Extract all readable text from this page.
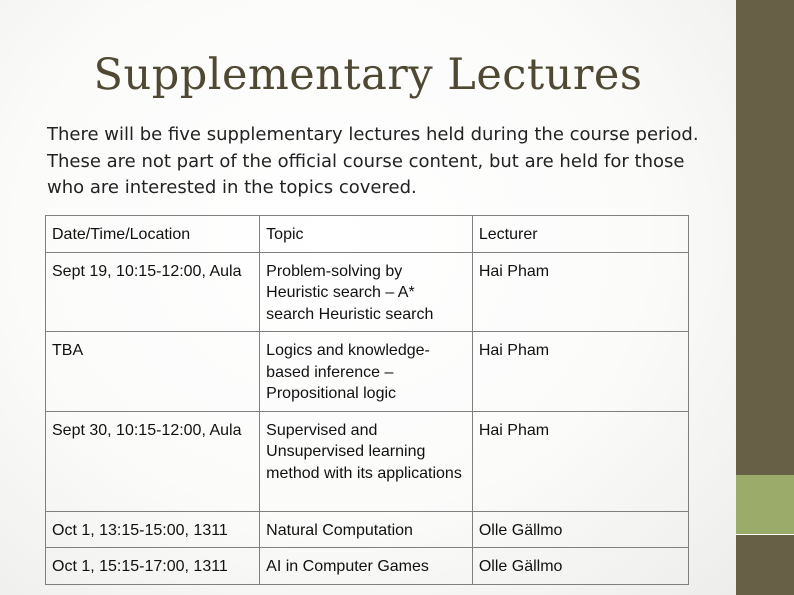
Supplementary Lectures
There will be five supplementary lectures held during the course period. These are not part of the official course content, but are held for those who are interested in the topics covered.
Date/Time/Location	Topic	Lecturer
Sept 19, 10:15-12:00, Aula	Problem-solving by Heuristic search – A* search Heuristic search	Hai Pham
TBA	Logics and knowledge-based inference – Propositional logic	Hai Pham
Sept 30, 10:15-12:00, Aula	Supervised and Unsupervised learning method with its applications	Hai Pham
Oct 1, 13:15-15:00, 1311	Natural Computation	Olle Gällmo
Oct 1, 15:15-17:00, 1311	AI in Computer Games	Olle Gällmo
